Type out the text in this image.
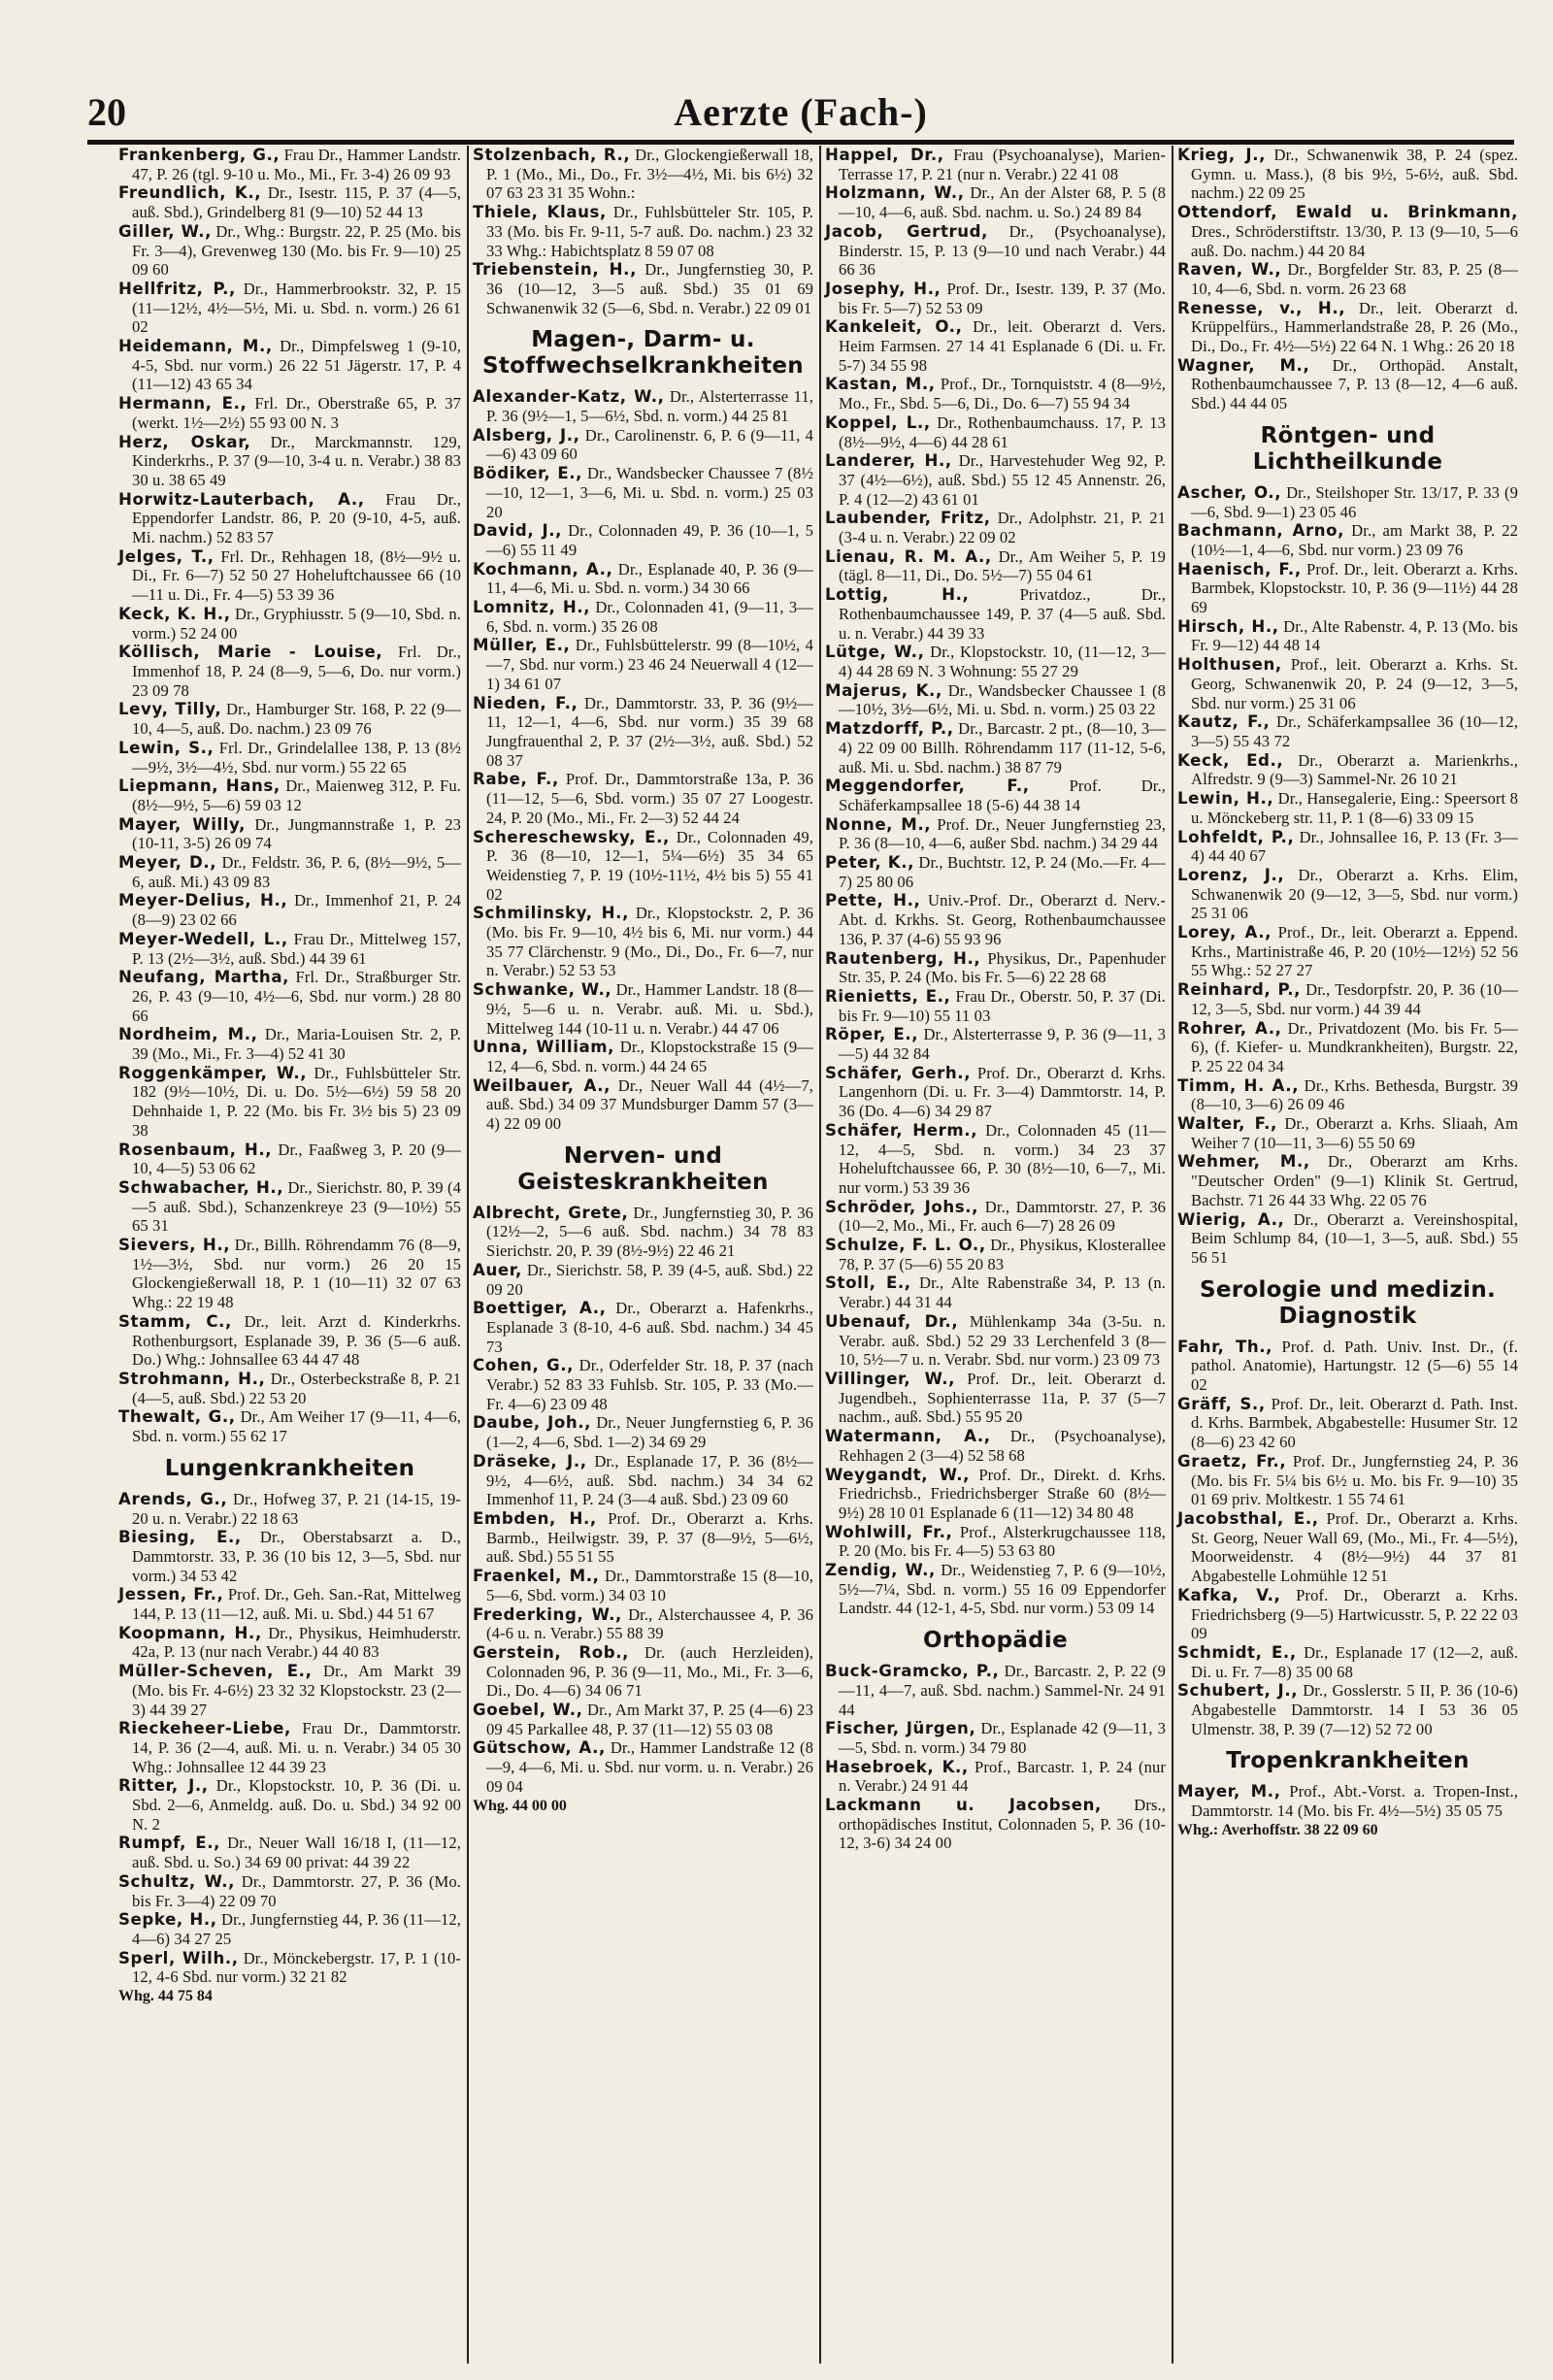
20	Aerzte (Fach-)
Frankenberg, G., Frau Dr., Hammer Landstr. 47, P. 26 (tgl. 9-10 u. Mo., Mi., Fr. 3-4) 26 09 93
Freundlich, K., Dr., Isestr. 115, P. 37 (4—5, auß. Sbd.), Grindelberg 81 (9—10) 52 44 13
Giller, W., Dr., Whg.: Burgstr. 22, P. 25 (Mo. bis Fr. 3—4), Grevenweg 130 (Mo. bis Fr. 9—10) 25 09 60
Hellfritz, P., Dr., Hammerbrookstr. 32, P. 15 (11—12½, 4½—5½, Mi. u. Sbd. n. vorm.) 26 61 02
Heidemann, M., Dr., Dimpfelsweg 1 (9-10, 4-5, Sbd. nur vorm.) 26 22 51 Jägerstr. 17, P. 4 (11—12) 43 65 34
Hermann, E., Frl. Dr., Oberstraße 65, P. 37 (werkt. 1½—2½) 55 93 00 N. 3
Herz, Oskar, Dr., Marckmannstr. 129, Kinderkrhs., P. 37 (9—10, 3-4 u. n. Verabr.) 38 83 30 u. 38 65 49
Horwitz-Lauterbach, A., Frau Dr., Eppendorfer Landstr. 86, P. 20 (9-10, 4-5, auß. Mi. nachm.) 52 83 57
Jelges, T., Frl. Dr., Rehhagen 18, (8½—9½ u. Di., Fr. 6—7) 52 50 27 Hoheluftchaussee 66 (10—11 u. Di., Fr. 4—5) 53 39 36
Keck, K. H., Dr., Gryphiusstr. 5 (9—10, Sbd. n. vorm.) 52 24 00
Köllisch, Marie - Louise, Frl. Dr., Immenhof 18, P. 24 (8—9, 5—6, Do. nur vorm.) 23 09 78
Levy, Tilly, Dr., Hamburger Str. 168, P. 22 (9—10, 4—5, auß. Do. nachm.) 23 09 76
Lewin, S., Frl. Dr., Grindelallee 138, P. 13 (8½—9½, 3½—4½, Sbd. nur vorm.) 55 22 65
Liepmann, Hans, Dr., Maienweg 312, P. Fu. (8½—9½, 5—6) 59 03 12
Mayer, Willy, Dr., Jungmannstraße 1, P. 23 (10-11, 3-5) 26 09 74
Meyer, D., Dr., Feldstr. 36, P. 6, (8½—9½, 5—6, auß. Mi.) 43 09 83
Meyer-Delius, H., Dr., Immenhof 21, P. 24 (8—9) 23 02 66
Meyer-Wedell, L., Frau Dr., Mittelweg 157, P. 13 (2½—3½, auß. Sbd.) 44 39 61
Neufang, Martha, Frl. Dr., Straßburger Str. 26, P. 43 (9—10, 4½—6, Sbd. nur vorm.) 28 80 66
Nordheim, M., Dr., Maria-Louisen Str. 2, P. 39 (Mo., Mi., Fr. 3—4) 52 41 30
Roggenkämper, W., Dr., Fuhlsbütteler Str. 182 (9½—10½, Di. u. Do. 5½—6½) 59 58 20 Dehnhaide 1, P. 22 (Mo. bis Fr. 3½ bis 5) 23 09 38
Rosenbaum, H., Dr., Faaßweg 3, P. 20 (9—10, 4—5) 53 06 62
Schwabacher, H., Dr., Sierichstr. 80, P. 39 (4—5 auß. Sbd.), Schanzenkreye 23 (9—10½) 55 65 31
Sievers, H., Dr., Billh. Röhrendamm 76 (8—9, 1½—3½, Sbd. nur vorm.) 26 20 15 Glockengießerwall 18, P. 1 (10—11) 32 07 63 Whg.: 22 19 48
Stamm, C., Dr., leit. Arzt d. Kinderkrhs. Rothenburgsort, Esplanade 39, P. 36 (5—6 auß. Do.) Whg.: Johnsallee 63 44 47 48
Strohmann, H., Dr., Osterbeckstraße 8, P. 21 (4—5, auß. Sbd.) 22 53 20
Thewalt, G., Dr., Am Weiher 17 (9—11, 4—6, Sbd. n. vorm.) 55 62 17
Lungenkrankheiten
Arends, G., Dr., Hofweg 37, P. 21 (14-15, 19-20 u. n. Verabr.) 22 18 63
Biesing, E., Dr., Oberstabsarzt a. D., Dammtorstr. 33, P. 36 (10 bis 12, 3—5, Sbd. nur vorm.) 34 53 42
Jessen, Fr., Prof. Dr., Geh. San.-Rat, Mittelweg 144, P. 13 (11—12, auß. Mi. u. Sbd.) 44 51 67
Koopmann, H., Dr., Physikus, Heimhuderstr. 42a, P. 13 (nur nach Verabr.) 44 40 83
Müller-Scheven, E., Dr., Am Markt 39 (Mo. bis Fr. 4-6½) 23 32 32 Klopstockstr. 23 (2—3) 44 39 27
Rieckeheer-Liebe, Frau Dr., Dammtorstr. 14, P. 36 (2—4, auß. Mi. u. n. Verabr.) 34 05 30 Whg.: Johnsallee 12 44 39 23
Ritter, J., Dr., Klopstockstr. 10, P. 36 (Di. u. Sbd. 2—6, Anmeldg. auß. Do. u. Sbd.) 34 92 00 N. 2
Rumpf, E., Dr., Neuer Wall 16/18 I, (11—12, auß. Sbd. u. So.) 34 69 00 privat: 44 39 22
Schultz, W., Dr., Dammtorstr. 27, P. 36 (Mo. bis Fr. 3—4) 22 09 70
Sepke, H., Dr., Jungfernstieg 44, P. 36 (11—12, 4—6) 34 27 25
Sperl, Wilh., Dr., Mönckebergstr. 17, P. 1 (10-12, 4-6 Sbd. nur vorm.) 32 21 82
Whg. 44 75 84
Stolzenbach, R., Dr., Glockengießerwall 18, P. 1 (Mo., Mi., Do., Fr. 3½—4½, Mi. bis 6½) 32 07 63 23 31 35 Wohn.:
Thiele, Klaus, Dr., Fuhlsbütteler Str. 105, P. 33 (Mo. bis Fr. 9-11, 5-7 auß. Do. nachm.) 23 32 33 Whg.: Habichtsplatz 8 59 07 08
Triebenstein, H., Dr., Jungfernstieg 30, P. 36 (10—12, 3—5 auß. Sbd.) 35 01 69 Schwanenwik 32 (5—6, Sbd. n. Verabr.) 22 09 01
Magen-, Darm- u. Stoffwechselkrankheiten
Alexander-Katz, W., Dr., Alsterterrasse 11, P. 36 (9½—1, 5—6½, Sbd. n. vorm.) 44 25 81
Alsberg, J., Dr., Carolinenstr. 6, P. 6 (9—11, 4—6) 43 09 60
Bödiker, E., Dr., Wandsbecker Chaussee 7 (8½—10, 12—1, 3—6, Mi. u. Sbd. n. vorm.) 25 03 20
David, J., Dr., Colonnaden 49, P. 36 (10—1, 5—6) 55 11 49
Kochmann, A., Dr., Esplanade 40, P. 36 (9—11, 4—6, Mi. u. Sbd. n. vorm.) 34 30 66
Lomnitz, H., Dr., Colonnaden 41, (9—11, 3—6, Sbd. n. vorm.) 35 26 08
Müller, E., Dr., Fuhlsbüttelerstr. 99 (8—10½, 4—7, Sbd. nur vorm.) 23 46 24 Neuerwall 4 (12—1) 34 61 07
Nieden, F., Dr., Dammtorstr. 33, P. 36 (9½—11, 12—1, 4—6, Sbd. nur vorm.) 35 39 68 Jungfrauenthal 2, P. 37 (2½—3½, auß. Sbd.) 52 08 37
Rabe, F., Prof. Dr., Dammtorstraße 13a, P. 36 (11—12, 5—6, Sbd. vorm.) 35 07 27 Loogestr. 24, P. 20 (Mo., Mi., Fr. 2—3) 52 44 24
Schereschewsky, E., Dr., Colonnaden 49, P. 36 (8—10, 12—1, 5¼—6½) 35 34 65 Weidenstieg 7, P. 19 (10½-11½, 4½ bis 5) 55 41 02
Schmilinsky, H., Dr., Klopstockstr. 2, P. 36 (Mo. bis Fr. 9—10, 4½ bis 6, Mi. nur vorm.) 44 35 77 Clärchenstr. 9 (Mo., Di., Do., Fr. 6—7, nur n. Verabr.) 52 53 53
Schwanke, W., Dr., Hammer Landstr. 18 (8—9½, 5—6 u. n. Verabr. auß. Mi. u. Sbd.), Mittelweg 144 (10-11 u. n. Verabr.) 44 47 06
Unna, William, Dr., Klopstockstraße 15 (9—12, 4—6, Sbd. n. vorm.) 44 24 65
Weilbauer, A., Dr., Neuer Wall 44 (4½—7, auß. Sbd.) 34 09 37 Mundsburger Damm 57 (3—4) 22 09 00
Nerven- und Geisteskrankheiten
Albrecht, Grete, Dr., Jungfernstieg 30, P. 36 (12½—2, 5—6 auß. Sbd. nachm.) 34 78 83 Sierichstr. 20, P. 39 (8½-9½) 22 46 21
Auer, Dr., Sierichstr. 58, P. 39 (4-5, auß. Sbd.) 22 09 20
Boettiger, A., Dr., Oberarzt a. Hafenkrhs., Esplanade 3 (8-10, 4-6 auß. Sbd. nachm.) 34 45 73
Cohen, G., Dr., Oderfelder Str. 18, P. 37 (nach Verabr.) 52 83 33 Fuhlsb. Str. 105, P. 33 (Mo.—Fr. 4—6) 23 09 48
Daube, Joh., Dr., Neuer Jungfernstieg 6, P. 36 (1—2, 4—6, Sbd. 1—2) 34 69 29
Dräseke, J., Dr., Esplanade 17, P. 36 (8½—9½, 4—6½, auß. Sbd. nachm.) 34 34 62 Immenhof 11, P. 24 (3—4 auß. Sbd.) 23 09 60
Embden, H., Prof. Dr., Oberarzt a. Krhs. Barmb., Heilwigstr. 39, P. 37 (8—9½, 5—6½, auß. Sbd.) 55 51 55
Fraenkel, M., Dr., Dammtorstraße 15 (8—10, 5—6, Sbd. vorm.) 34 03 10
Frederking, W., Dr., Alsterchaussee 4, P. 36 (4-6 u. n. Verabr.) 55 88 39
Gerstein, Rob., Dr. (auch Herzleiden), Colonnaden 96, P. 36 (9—11, Mo., Mi., Fr. 3—6, Di., Do. 4—6) 34 06 71
Goebel, W., Dr., Am Markt 37, P. 25 (4—6) 23 09 45 Parkallee 48, P. 37 (11—12) 55 03 08
Gütschow, A., Dr., Hammer Landstraße 12 (8—9, 4—6, Mi. u. Sbd. nur vorm. u. n. Verabr.) 26 09 04
Whg. 44 00 00
Happel, Dr., Frau (Psychoanalyse), Marien-Terrasse 17, P. 21 (nur n. Verabr.) 22 41 08
Holzmann, W., Dr., An der Alster 68, P. 5 (8—10, 4—6, auß. Sbd. nachm. u. So.) 24 89 84
Jacob, Gertrud, Dr., (Psychoanalyse), Binderstr. 15, P. 13 (9—10 und nach Verabr.) 44 66 36
Josephy, H., Prof. Dr., Isestr. 139, P. 37 (Mo. bis Fr. 5—7) 52 53 09
Kankeleit, O., Dr., leit. Oberarzt d. Vers. Heim Farmsen. 27 14 41 Esplanade 6 (Di. u. Fr. 5-7) 34 55 98
Kastan, M., Prof., Dr., Tornquiststr. 4 (8—9½, Mo., Fr., Sbd. 5—6, Di., Do. 6—7) 55 94 34
Koppel, L., Dr., Rothenbaumchauss. 17, P. 13 (8½—9½, 4—6) 44 28 61
Landerer, H., Dr., Harvestehuder Weg 92, P. 37 (4½—6½), auß. Sbd.) 55 12 45 Annenstr. 26, P. 4 (12—2) 43 61 01
Laubender, Fritz, Dr., Adolphstr. 21, P. 21 (3-4 u. n. Verabr.) 22 09 02
Lienau, R. M. A., Dr., Am Weiher 5, P. 19 (tägl. 8—11, Di., Do. 5½—7) 55 04 61
Lottig, H., Privatdoz., Dr., Rothenbaumchaussee 149, P. 37 (4—5 auß. Sbd. u. n. Verabr.) 44 39 33
Lütge, W., Dr., Klopstockstr. 10, (11—12, 3—4) 44 28 69 N. 3 Wohnung: 55 27 29
Majerus, K., Dr., Wandsbecker Chaussee 1 (8—10½, 3½—6½, Mi. u. Sbd. n. vorm.) 25 03 22
Matzdorff, P., Dr., Barcastr. 2 pt., (8—10, 3—4) 22 09 00 Billh. Röhrendamm 117 (11-12, 5-6, auß. Mi. u. Sbd. nachm.) 38 87 79
Meggendorfer, F., Prof. Dr., Schäferkampsallee 18 (5-6) 44 38 14
Nonne, M., Prof. Dr., Neuer Jungfernstieg 23, P. 36 (8—10, 4—6, außer Sbd. nachm.) 34 29 44
Peter, K., Dr., Buchtstr. 12, P. 24 (Mo.—Fr. 4—7) 25 80 06
Pette, H., Univ.-Prof. Dr., Oberarzt d. Nerv.-Abt. d. Krkhs. St. Georg, Rothenbaumchaussee 136, P. 37 (4-6) 55 93 96
Rautenberg, H., Physikus, Dr., Papenhuder Str. 35, P. 24 (Mo. bis Fr. 5—6) 22 28 68
Rienietts, E., Frau Dr., Oberstr. 50, P. 37 (Di. bis Fr. 9—10) 55 11 03
Röper, E., Dr., Alsterterrasse 9, P. 36 (9—11, 3—5) 44 32 84
Schäfer, Gerh., Prof. Dr., Oberarzt d. Krhs. Langenhorn (Di. u. Fr. 3—4) Dammtorstr. 14, P. 36 (Do. 4—6) 34 29 87
Schäfer, Herm., Dr., Colonnaden 45 (11—12, 4—5, Sbd. n. vorm.) 34 23 37 Hoheluftchaussee 66, P. 30 (8½—10, 6—7,, Mi. nur vorm.) 53 39 36
Schröder, Johs., Dr., Dammtorstr. 27, P. 36 (10—2, Mo., Mi., Fr. auch 6—7) 28 26 09
Schulze, F. L. O., Dr., Physikus, Klosterallee 78, P. 37 (5—6) 55 20 83
Stoll, E., Dr., Alte Rabenstraße 34, P. 13 (n. Verabr.) 44 31 44
Ubenauf, Dr., Mühlenkamp 34a (3-5u. n. Verabr. auß. Sbd.) 52 29 33 Lerchenfeld 3 (8—10, 5½—7 u. n. Verabr. Sbd. nur vorm.) 23 09 73
Villinger, W., Prof. Dr., leit. Oberarzt d. Jugendbeh., Sophienterrasse 11a, P. 37 (5—7 nachm., auß. Sbd.) 55 95 20
Watermann, A., Dr., (Psychoanalyse), Rehhagen 2 (3—4) 52 58 68
Weygandt, W., Prof. Dr., Direkt. d. Krhs. Friedrichsb., Friedrichsberger Straße 60 (8½—9½) 28 10 01 Esplanade 6 (11—12) 34 80 48
Wohlwill, Fr., Prof., Alsterkrugchaussee 118, P. 20 (Mo. bis Fr. 4—5) 53 63 80
Zendig, W., Dr., Weidenstieg 7, P. 6 (9—10½, 5½—7¼, Sbd. n. vorm.) 55 16 09 Eppendorfer Landstr. 44 (12-1, 4-5, Sbd. nur vorm.) 53 09 14
Orthopädie
Buck-Gramcko, P., Dr., Barcastr. 2, P. 22 (9—11, 4—7, auß. Sbd. nachm.) Sammel-Nr. 24 91 44
Fischer, Jürgen, Dr., Esplanade 42 (9—11, 3—5, Sbd. n. vorm.) 34 79 80
Hasebroek, K., Prof., Barcastr. 1, P. 24 (nur n. Verabr.) 24 91 44
Lackmann u. Jacobsen, Drs., orthopädisches Institut, Colonnaden 5, P. 36 (10-12, 3-6) 34 24 00
Krieg, J., Dr., Schwanenwik 38, P. 24 (spez. Gymn. u. Mass.), (8 bis 9½, 5-6½, auß. Sbd. nachm.) 22 09 25
Ottendorf, Ewald u. Brinkmann, Dres., Schröderstiftstr. 13/30, P. 13 (9—10, 5—6 auß. Do. nachm.) 44 20 84
Raven, W., Dr., Borgfelder Str. 83, P. 25 (8—10, 4—6, Sbd. n. vorm. 26 23 68
Renesse, v., H., Dr., leit. Oberarzt d. Krüppelfürs., Hammerlandstraße 28, P. 26 (Mo., Di., Do., Fr. 4½—5½) 22 64 N. 1 Whg.: 26 20 18
Wagner, M., Dr., Orthopäd. Anstalt, Rothenbaumchaussee 7, P. 13 (8—12, 4—6 auß. Sbd.) 44 44 05
Röntgen- und Lichtheilkunde
Ascher, O., Dr., Steilshoper Str. 13/17, P. 33 (9—6, Sbd. 9—1) 23 05 46
Bachmann, Arno, Dr., am Markt 38, P. 22 (10½—1, 4—6, Sbd. nur vorm.) 23 09 76
Haenisch, F., Prof. Dr., leit. Oberarzt a. Krhs. Barmbek, Klopstockstr. 10, P. 36 (9—11½) 44 28 69
Hirsch, H., Dr., Alte Rabenstr. 4, P. 13 (Mo. bis Fr. 9—12) 44 48 14
Holthusen, Prof., leit. Oberarzt a. Krhs. St. Georg, Schwanenwik 20, P. 24 (9—12, 3—5, Sbd. nur vorm.) 25 31 06
Kautz, F., Dr., Schäferkampsallee 36 (10—12, 3—5) 55 43 72
Keck, Ed., Dr., Oberarzt a. Marienkrhs., Alfredstr. 9 (9—3) Sammel-Nr. 26 10 21
Lewin, H., Dr., Hansegalerie, Eing.: Speersort 8 u. Mönckeberg str. 11, P. 1 (8—6) 33 09 15
Lohfeldt, P., Dr., Johnsallee 16, P. 13 (Fr. 3—4) 44 40 67
Lorenz, J., Dr., Oberarzt a. Krhs. Elim, Schwanenwik 20 (9—12, 3—5, Sbd. nur vorm.) 25 31 06
Lorey, A., Prof., Dr., leit. Oberarzt a. Eppend. Krhs., Martinistraße 46, P. 20 (10½—12½) 52 56 55 Whg.: 52 27 27
Reinhard, P., Dr., Tesdorpfstr. 20, P. 36 (10—12, 3—5, Sbd. nur vorm.) 44 39 44
Rohrer, A., Dr., Privatdozent (Mo. bis Fr. 5—6), (f. Kiefer- u. Mundkrankheiten), Burgstr. 22, P. 25 22 04 34
Timm, H. A., Dr., Krhs. Bethesda, Burgstr. 39 (8—10, 3—6) 26 09 46
Walter, F., Dr., Oberarzt a. Krhs. Sliaah, Am Weiher 7 (10—11, 3—6) 55 50 69
Wehmer, M., Dr., Oberarzt am Krhs. "Deutscher Orden" (9—1) Klinik St. Gertrud, Bachstr. 71 26 44 33 Whg. 22 05 76
Wierig, A., Dr., Oberarzt a. Vereinshospital, Beim Schlump 84, (10—1, 3—5, auß. Sbd.) 55 56 51
Serologie und medizin. Diagnostik
Fahr, Th., Prof. d. Path. Univ. Inst. Dr., (f. pathol. Anatomie), Hartungstr. 12 (5—6) 55 14 02
Gräff, S., Prof. Dr., leit. Oberarzt d. Path. Inst. d. Krhs. Barmbek, Abgabestelle: Husumer Str. 12 (8—6) 23 42 60
Graetz, Fr., Prof. Dr., Jungfernstieg 24, P. 36 (Mo. bis Fr. 5¼ bis 6½ u. Mo. bis Fr. 9—10) 35 01 69 priv. Moltkestr. 1 55 74 61
Jacobsthal, E., Prof. Dr., Oberarzt a. Krhs. St. Georg, Neuer Wall 69, (Mo., Mi., Fr. 4—5½), Moorweidenstr. 4 (8½—9½) 44 37 81 Abgabestelle Lohmühle 12 51
Kafka, V., Prof. Dr., Oberarzt a. Krhs. Friedrichsberg (9—5) Hartwicusstr. 5, P. 22 22 03 09
Schmidt, E., Dr., Esplanade 17 (12—2, auß. Di. u. Fr. 7—8) 35 00 68
Schubert, J., Dr., Gosslerstr. 5 II, P. 36 (10-6) Abgabestelle Dammtorstr. 14 I 53 36 05 Ulmenstr. 38, P. 39 (7—12) 52 72 00
Tropenkrankheiten
Mayer, M., Prof., Abt.-Vorst. a. Tropen-Inst., Dammtorstr. 14 (Mo. bis Fr. 4½—5½) 35 05 75
Whg.: Averhoffstr. 38 22 09 60
